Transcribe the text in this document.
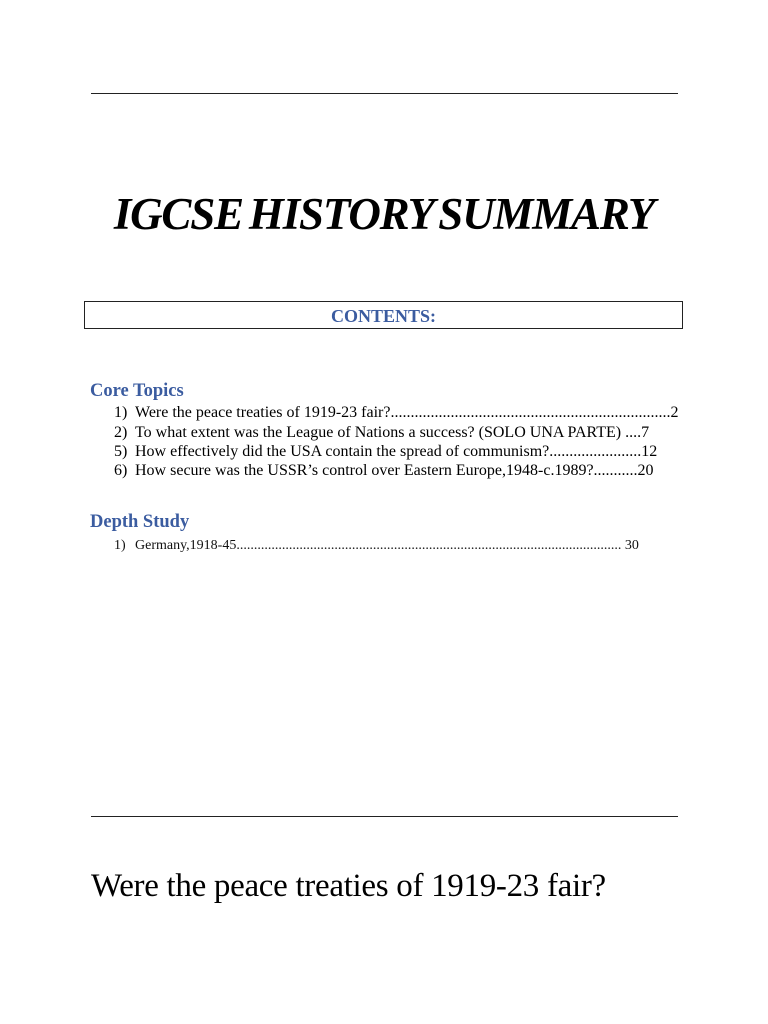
IGCSE HISTORY SUMMARY
CONTENTS:
Core Topics
1) Were the peace treaties of 1919-23 fair?......................................................................2
2) To what extent was the League of Nations a success? (SOLO UNA PARTE) ....7
5) How effectively did the USA contain the spread of communism?.......................12
6) How secure was the USSR’s control over Eastern Europe,1948-c.1989?...........20
Depth Study
1) Germany,1918-45.............................................................................................................. 30
Were the peace treaties of 1919-23 fair?
